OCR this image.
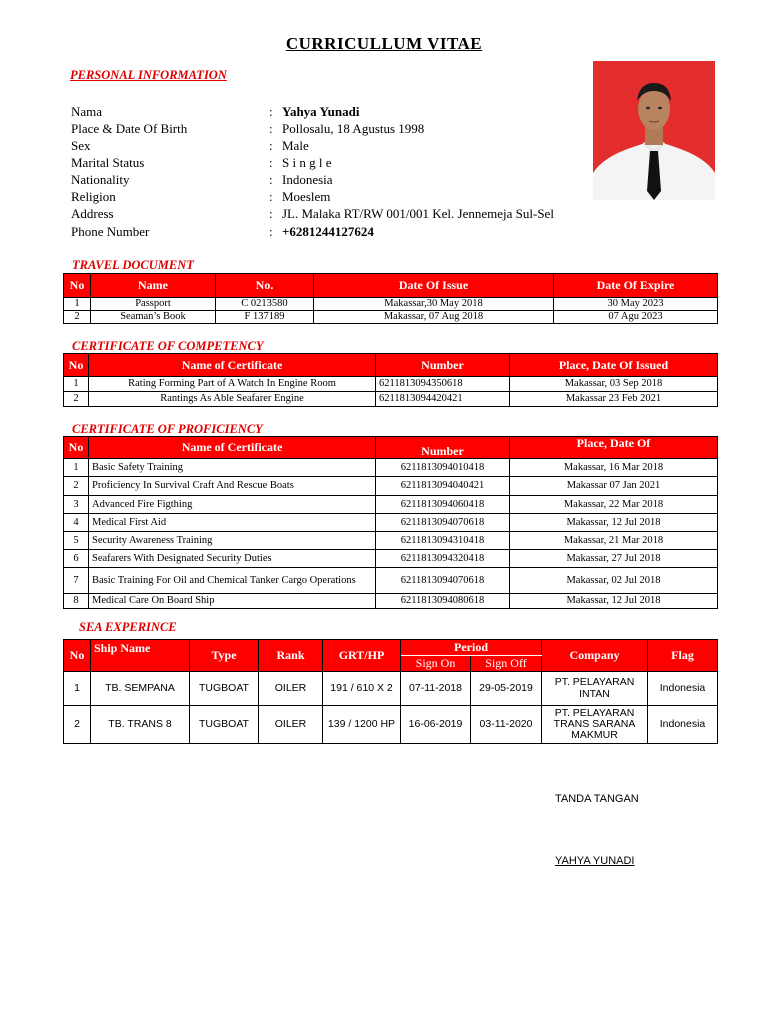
CURRICULLUM VITAE
PERSONAL INFORMATION
Nama	: Yahya Yunadi
Place & Date Of Birth	: Pollosalu, 18 Agustus 1998
Sex	: Male
Marital Status	: S i n g l e
Nationality	: Indonesia
Religion	: Moeslem
Address	: JL. Malaka RT/RW 001/001 Kel. Jennemeja Sul-Sel
Phone Number	: +6281244127624
TRAVEL DOCUMENT
No	Name	No.	Date Of Issue	Date Of Expire
1	Passport	C 0213580	Makassar,30 May 2018	30 May 2023
2	Seaman’s Book	F 137189	Makassar, 07 Aug 2018	07 Agu 2023
CERTIFICATE OF COMPETENCY
No	Name of Certificate	Number	Place, Date Of Issued
1	Rating Forming Part of A Watch In Engine Room	6211813094350618	Makassar, 03 Sep 2018
2	Rantings As Able Seafarer Engine	6211813094420421	Makassar 23 Feb 2021
CERTIFICATE OF PROFICIENCY
No	Name of Certificate	Number	Place, Date Of
1	Basic Safety Training	6211813094010418	Makassar, 16 Mar 2018
2	Proficiency In Survival Craft And Rescue Boats	6211813094040421	Makassar 07 Jan 2021
3	Advanced Fire Figthing	6211813094060418	Makassar, 22 Mar 2018
4	Medical First Aid	6211813094070618	Makassar, 12 Jul 2018
5	Security Awareness Training	6211813094310418	Makassar, 21 Mar 2018
6	Seafarers With Designated Security Duties	6211813094320418	Makassar, 27 Jul 2018
7	Basic Training For Oil and Chemical Tanker Cargo Operations	6211813094070618	Makassar, 02 Jul 2018
8	Medical Care On Board Ship	6211813094080618	Makassar, 12 Jul 2018
SEA EXPERINCE
No	Ship Name	Type	Rank	GRT/HP	Period		Company	Flag
					Sign On	Sign Off		
1	TB. SEMPANA	TUGBOAT	OILER	191 / 610 X 2	07-11-2018	29-05-2019	PT. PELAYARAN INTAN	Indonesia
2	TB. TRANS 8	TUGBOAT	OILER	139 / 1200 HP	16-06-2019	03-11-2020	PT. PELAYARAN TRANS SARANA MAKMUR	Indonesia
TANDA TANGAN
YAHYA YUNADI
